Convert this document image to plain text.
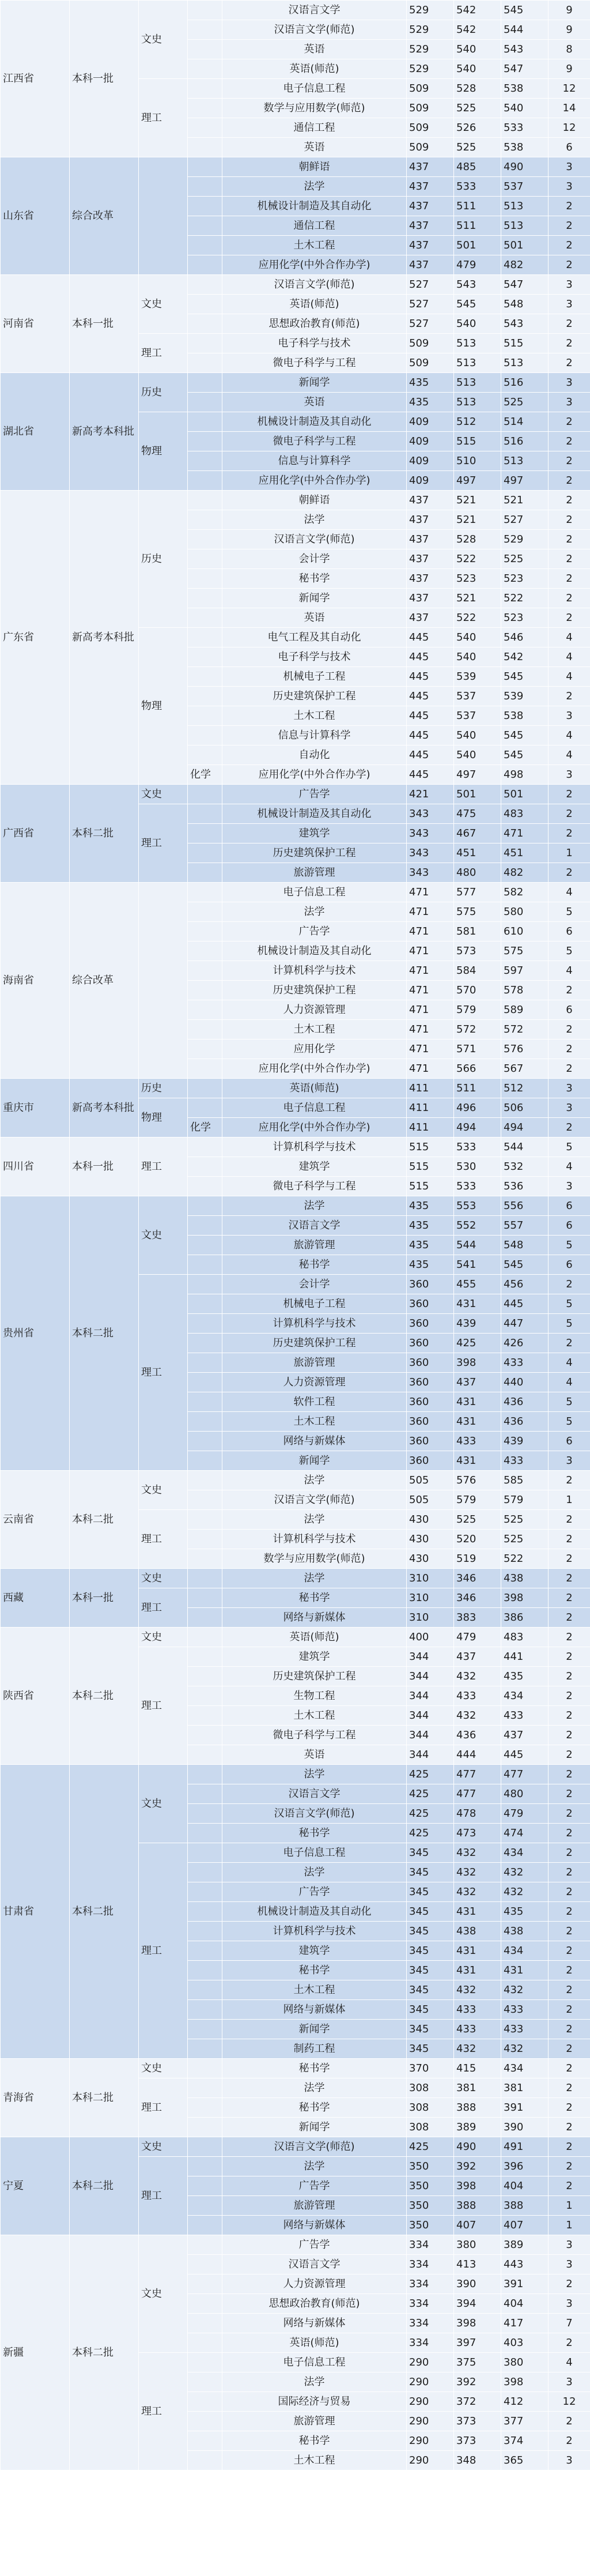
江西省	本科一批	文史		汉语言文学	529	542	545	9
				汉语言文学(师范)	529	542	544	9
				英语	529	540	543	8
				英语(师范)	529	540	547	9
		理工		电子信息工程	509	528	538	12
				数学与应用数学(师范)	509	525	540	14
				通信工程	509	526	533	12
				英语	509	525	538	6
山东省	综合改革			朝鲜语	437	485	490	3
				法学	437	533	537	3
				机械设计制造及其自动化	437	511	513	2
				通信工程	437	511	513	2
				土木工程	437	501	501	2
				应用化学(中外合作办学)	437	479	482	2
河南省	本科一批	文史		汉语言文学(师范)	527	543	547	3
				英语(师范)	527	545	548	3
				思想政治教育(师范)	527	540	543	2
		理工		电子科学与技术	509	513	515	2
				微电子科学与工程	509	513	513	2
湖北省	新高考本科批	历史		新闻学	435	513	516	3
				英语	435	513	525	3
		物理		机械设计制造及其自动化	409	512	514	2
				微电子科学与工程	409	515	516	2
				信息与计算科学	409	510	513	2
				应用化学(中外合作办学)	409	497	497	2
广东省	新高考本科批	历史		朝鲜语	437	521	521	2
				法学	437	521	527	2
				汉语言文学(师范)	437	528	529	2
				会计学	437	522	525	2
				秘书学	437	523	523	2
				新闻学	437	521	522	2
				英语	437	522	523	2
		物理		电气工程及其自动化	445	540	546	4
				电子科学与技术	445	540	542	4
				机械电子工程	445	539	545	4
				历史建筑保护工程	445	537	539	2
				土木工程	445	537	538	3
				信息与计算科学	445	540	545	4
				自动化	445	540	545	4
			化学	应用化学(中外合作办学)	445	497	498	3
广西省	本科二批	文史		广告学	421	501	501	2
		理工		机械设计制造及其自动化	343	475	483	2
				建筑学	343	467	471	2
				历史建筑保护工程	343	451	451	1
				旅游管理	343	480	482	2
海南省	综合改革			电子信息工程	471	577	582	4
				法学	471	575	580	5
				广告学	471	581	610	6
				机械设计制造及其自动化	471	573	575	5
				计算机科学与技术	471	584	597	4
				历史建筑保护工程	471	570	578	2
				人力资源管理	471	579	589	6
				土木工程	471	572	572	2
				应用化学	471	571	576	2
				应用化学(中外合作办学)	471	566	567	2
重庆市	新高考本科批	历史		英语(师范)	411	511	512	3
		物理		电子信息工程	411	496	506	3
			化学	应用化学(中外合作办学)	411	494	494	2
四川省	本科一批	理工		计算机科学与技术	515	533	544	5
				建筑学	515	530	532	4
				微电子科学与工程	515	533	536	3
贵州省	本科二批	文史		法学	435	553	556	6
				汉语言文学	435	552	557	6
				旅游管理	435	544	548	5
				秘书学	435	541	545	6
		理工		会计学	360	455	456	2
				机械电子工程	360	431	445	5
				计算机科学与技术	360	439	447	5
				历史建筑保护工程	360	425	426	2
				旅游管理	360	398	433	4
				人力资源管理	360	437	440	4
				软件工程	360	431	436	5
				土木工程	360	431	436	5
				网络与新媒体	360	433	439	6
				新闻学	360	431	433	3
云南省	本科二批	文史		法学	505	576	585	2
				汉语言文学(师范)	505	579	579	1
		理工		法学	430	525	525	2
				计算机科学与技术	430	520	525	2
				数学与应用数学(师范)	430	519	522	2
西藏	本科一批	文史		法学	310	346	438	2
		理工		秘书学	310	346	398	2
				网络与新媒体	310	383	386	2
陕西省	本科二批	文史		英语(师范)	400	479	483	2
		理工		建筑学	344	437	441	2
				历史建筑保护工程	344	432	435	2
				生物工程	344	433	434	2
				土木工程	344	432	433	2
				微电子科学与工程	344	436	437	2
				英语	344	444	445	2
甘肃省	本科二批	文史		法学	425	477	477	2
				汉语言文学	425	477	480	2
				汉语言文学(师范)	425	478	479	2
				秘书学	425	473	474	2
		理工		电子信息工程	345	432	434	2
				法学	345	432	432	2
				广告学	345	432	432	2
				机械设计制造及其自动化	345	431	435	2
				计算机科学与技术	345	438	438	2
				建筑学	345	431	434	2
				秘书学	345	431	431	2
				土木工程	345	432	432	2
				网络与新媒体	345	433	433	2
				新闻学	345	433	433	2
				制药工程	345	432	432	2
青海省	本科二批	文史		秘书学	370	415	434	2
		理工		法学	308	381	381	2
				秘书学	308	388	391	2
				新闻学	308	389	390	2
宁夏	本科二批	文史		汉语言文学(师范)	425	490	491	2
		理工		法学	350	392	396	2
				广告学	350	398	404	2
				旅游管理	350	388	388	1
				网络与新媒体	350	407	407	1
新疆	本科二批	文史		广告学	334	380	389	3
				汉语言文学	334	413	443	3
				人力资源管理	334	390	391	2
				思想政治教育(师范)	334	394	404	3
				网络与新媒体	334	398	417	7
				英语(师范)	334	397	403	2
		理工		电子信息工程	290	375	380	4
				法学	290	392	398	3
				国际经济与贸易	290	372	412	12
				旅游管理	290	373	377	2
				秘书学	290	373	374	2
				土木工程	290	348	365	3
